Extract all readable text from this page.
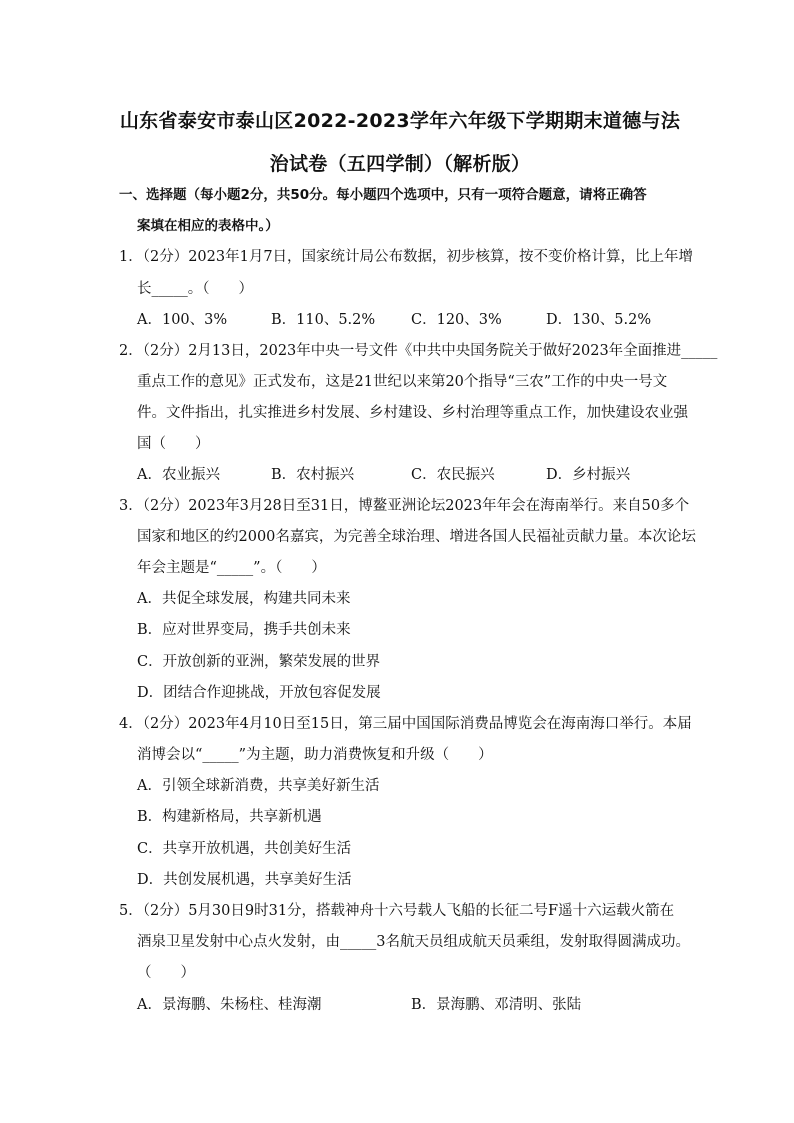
山东省泰安市泰山区2022-2023学年六年级下学期期末道德与法
治试卷（五四学制）（解析版）
一、选择题（每小题2分，共50分。每小题四个选项中，只有一项符合题意，请将正确答
案填在相应的表格中。）
1．（2分）2023年1月7日，国家统计局公布数据，初步核算，按不变价格计算，比上年增
长_____。（　　）
A．100、3%	B．110、5.2% C．120、3%	D．130、5.2%
2．（2分）2月13日，2023年中央一号文件《中共中央国务院关于做好2023年全面推进_____
重点工作的意见》正式发布，这是21世纪以来第20个指导“三农”工作的中央一号文
件。文件指出，扎实推进乡村发展、乡村建设、乡村治理等重点工作，加快建设农业强
国（　　）
A．农业振兴	B．农村振兴	C．农民振兴	D．乡村振兴
3．（2分）2023年3月28日至31日，博鳌亚洲论坛2023年年会在海南举行。来自50多个
国家和地区的约2000名嘉宾，为完善全球治理、增进各国人民福祉贡献力量。本次论坛
年会主题是“_____”。（　　）
A．共促全球发展，构建共同未来
B．应对世界变局，携手共创未来
C．开放创新的亚洲，繁荣发展的世界
D．团结合作迎挑战，开放包容促发展
4．（2分）2023年4月10日至15日，第三届中国国际消费品博览会在海南海口举行。本届
消博会以“_____”为主题，助力消费恢复和升级（　　）
A．引领全球新消费，共享美好新生活
B．构建新格局，共享新机遇
C．共享开放机遇，共创美好生活
D．共创发展机遇，共享美好生活
5．（2分）5月30日9时31分，搭载神舟十六号载人飞船的长征二号F遥十六运载火箭在
酒泉卫星发射中心点火发射，由_____3名航天员组成航天员乘组，发射取得圆满成功。
（　　）
A．景海鹏、朱杨柱、桂海潮	B．景海鹏、邓清明、张陆
